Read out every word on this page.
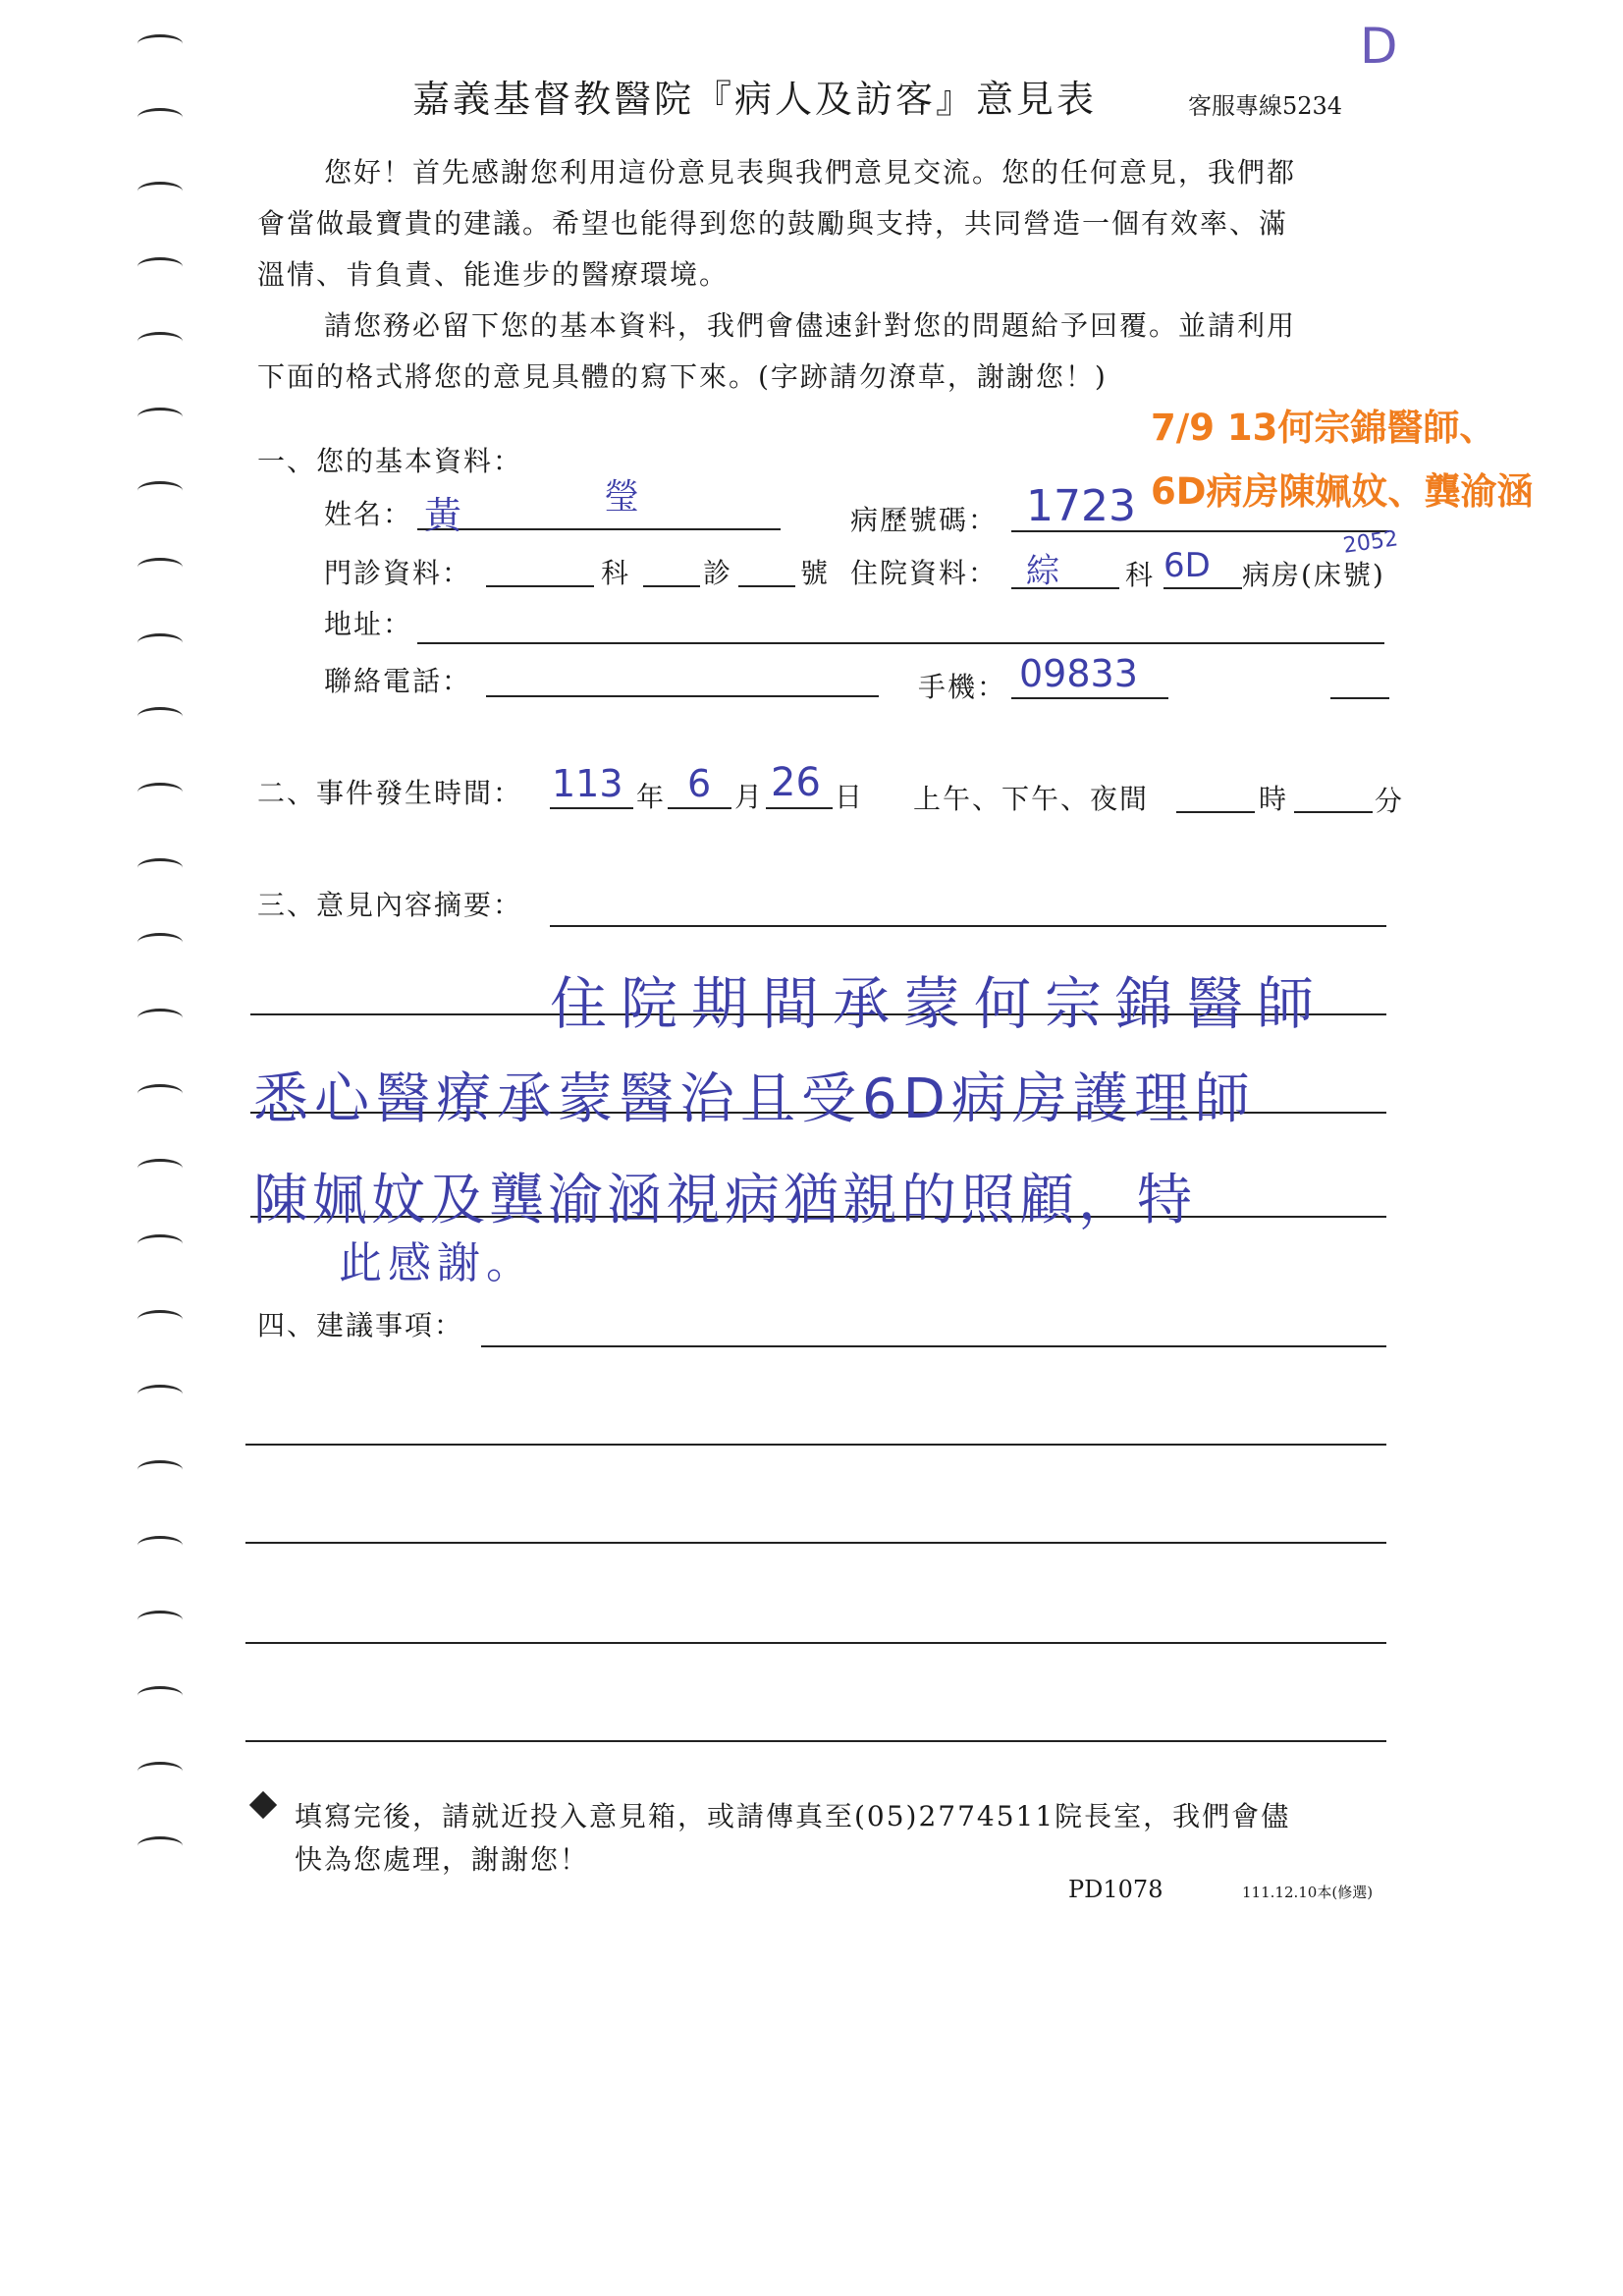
D
嘉義基督教醫院『病人及訪客』意見表	客服專線5234
您好！首先感謝您利用這份意見表與我們意見交流。您的任何意見，我們都
會當做最寶貴的建議。希望也能得到您的鼓勵與支持，共同營造一個有效率、滿
溫情、肯負責、能進步的醫療環境。
請您務必留下您的基本資料，我們會儘速針對您的問題給予回覆。並請利用
下面的格式將您的意見具體的寫下來。(字跡請勿潦草，謝謝您！)
7/9 13何宗錦醫師、
6D病房陳姵妏、龔渝涵
一、您的基本資料：
姓名： 黃	瑩
病歷號碼： 1723
門診資料：	科	診 號 住院資料： 綜 科 6D
2052
病房(床號)
地址：
聯絡電話：	手機： 09833
二、事件發生時間： 113 年 6 月 26 日 上午、下午、夜間	時	分
三、意見內容摘要：
住院期間承蒙何宗錦醫師
悉心醫療承蒙醫治且受6D病房護理師
陳姵妏及龔渝涵視病猶親的照顧，特
此感謝。
四、建議事項：
填寫完後，請就近投入意見箱，或請傳真至(05)2774511院長室，我們會儘
快為您處理，謝謝您！
PD1078	111.12.10本(修選)
